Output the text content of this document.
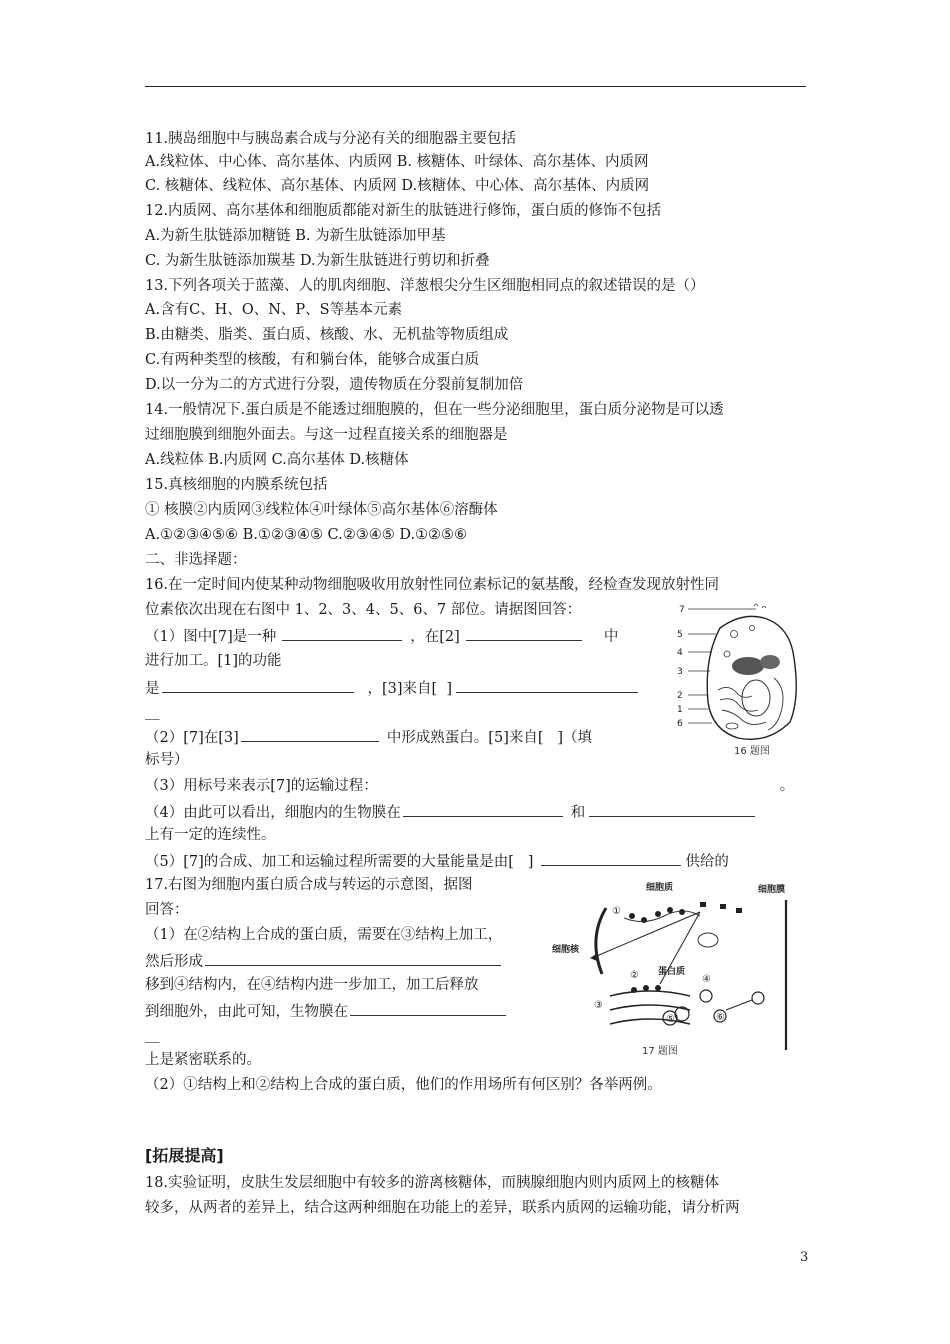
11.胰岛细胞中与胰岛素合成与分泌有关的细胞器主要包括
A.线粒体、中心体、高尔基体、内质网 B. 核糖体、叶绿体、高尔基体、内质网
C. 核糖体、线粒体、高尔基体、内质网 D.核糖体、中心体、高尔基体、内质网
12.内质网、高尔基体和细胞质都能对新生的肽链进行修饰，蛋白质的修饰不包括
A.为新生肽链添加糖链 B. 为新生肽链添加甲基
C. 为新生肽链添加羰基 D.为新生肽链进行剪切和折叠
13.下列各项关于蓝藻、人的肌肉细胞、洋葱根尖分生区细胞相同点的叙述错误的是（）
A.含有C、H、O、N、P、S等基本元素
B.由糖类、脂类、蛋白质、核酸、水、无机盐等物质组成
C.有两种类型的核酸，有和躺台体，能够合成蛋白质
D.以一分为二的方式进行分裂，遗传物质在分裂前复制加倍
14.一般情况下.蛋白质是不能透过细胞膜的，但在一些分泌细胞里，蛋白质分泌物是可以透
过细胞膜到细胞外面去。与这一过程直接关系的细胞器是
A.线粒体 B.内质网 C.高尔基体 D.核糖体
15.真核细胞的内膜系统包括
① 核膜②内质网③线粒体④叶绿体⑤高尔基体⑥溶酶体
A.①②③④⑤⑥ B.①②③④⑤ C.②③④⑤ D.①②⑤⑥
二、非选择题：
16.在一定时间内使某种动物细胞吸收用放射性同位素标记的氨基酸，经检查发现放射性同
位素依次出现在右图中 1、2、3、4、5、6、7 部位。请据图回答：
（1）图中[7]是一种	，在[2]	中
进行加工。[1]的功能
是	，[3]来自[  ]
__
（2）[7]在[3]	中形成熟蛋白。[5]来自[   ]（填
标号）
（3）用标号来表示[7]的运输过程：	。
（4）由此可以看出，细胞内的生物膜在	和
上有一定的连续性。
（5）[7]的合成、加工和运输过程所需要的大量能量是由[   ]	供给的
7
5
4
3
2
1
6
16 题图
17.右图为细胞内蛋白质合成与转运的示意图，据图
回答：
（1）在②结构上合成的蛋白质，需要在③结构上加工，
然后形成
移到④结构内，在④结构内进一步加工，加工后释放
到细胞外，由此可知，生物膜在
__
上是紧密联系的。
（2）①结构上和②结构上合成的蛋白质，他们的作用场所有何区别？各举两例。
细胞质	细胞膜
细胞核
蛋白质
①
②
③
④
⑤	⑥
17 题图
[拓展提高]
18.实验证明，皮肤生发层细胞中有较多的游离核糖体，而胰腺细胞内则内质网上的核糖体
较多，从两者的差异上，结合这两种细胞在功能上的差异，联系内质网的运输功能，请分析两
3
